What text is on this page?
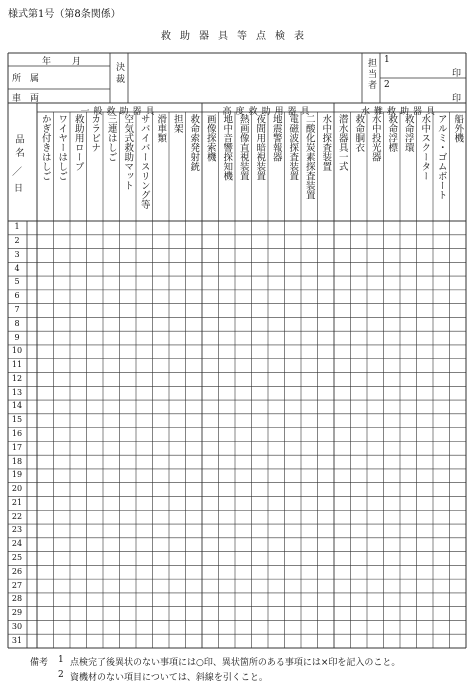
様式第1号（第8条関係）
救助器具等点検表
年 月
所　属
車　両
決裁	担当者 1
印
2
印
一般救助器具	高度救助用器具	水難救助器具
かぎ付きはしご ワイヤーはしご 救助用ロープ カラビナ 三連はしご 空気式救助マット サバイバースリング等 滑車類 担架 救命索発射銃 画像探索機 地中音響探知機 熱画像直視装置 夜間用暗視装置 地震警報器 電磁波探査装置 二酸化炭素探査装置 水中探査装置 潜水器具一式 救命胴衣 水中投光器 救命浮標 救命浮環 水中スクーター アルミ・ゴムボート 船外機
品名
／
日
1
2
3
4
5
6
7
8
9
10
11
12
13
14
15
16
17
18
19
20
21
22
23
24
25
26
27
28
29
30
31
備考 1 点検完了後異状のない事項には○印、異状箇所のある事項には×印を記入のこと。
2 資機材のない項目については、斜線を引くこと。
